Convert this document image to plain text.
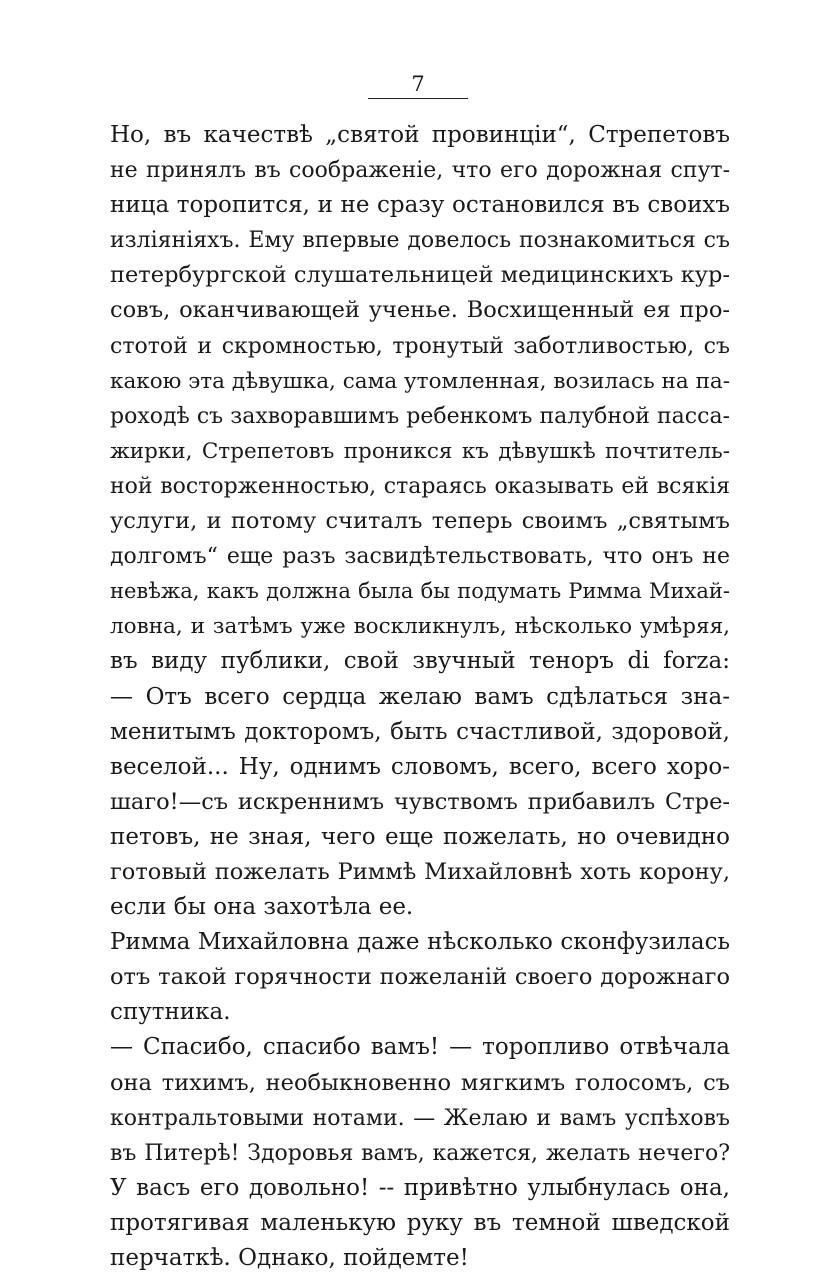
7
Но, въ качествѣ „святой провинціи“, Стрепетовъ
не принялъ въ соображеніе, что его дорожная спут-
ница торопится, и не сразу остановился въ своихъ
изліяніяхъ. Ему впервые довелось познакомиться съ
петербургской слушательницей медицинскихъ кур-
совъ, оканчивающей ученье. Восхищенный ея про-
стотой и скромностью, тронутый заботливостью, съ
какою эта дѣвушка, сама утомленная, возилась на па-
роходѣ съ захворавшимъ ребенкомъ палубной пасса-
жирки, Стрепетовъ проникся къ дѣвушкѣ почтитель-
ной восторженностью, стараясь оказывать ей всякія
услуги, и потому считалъ теперь своимъ „святымъ
долгомъ“ еще разъ засвидѣтельствовать, что онъ не
невѣжа, какъ должна была бы подумать Римма Михай-
ловна, и затѣмъ уже воскликнулъ, нѣсколько умѣряя,
въ виду публики, свой звучный теноръ di forza:
— Отъ всего сердца желаю вамъ сдѣлаться зна-
менитымъ докторомъ, быть счастливой, здоровой,
веселой... Ну, однимъ словомъ, всего, всего хоро-
шаго!—съ искреннимъ чувствомъ прибавилъ Стре-
петовъ, не зная, чего еще пожелать, но очевидно
готовый пожелать Риммѣ Михайловнѣ хоть корону,
если бы она захотѣла ее.
Римма Михайловна даже нѣсколько сконфузилась
отъ такой горячности пожеланій своего дорожнаго
спутника.
— Спасибо, спасибо вамъ! — торопливо отвѣчала
она тихимъ, необыкновенно мягкимъ голосомъ, съ
контральтовыми нотами. — Желаю и вамъ успѣховъ
въ Питерѣ! Здоровья вамъ, кажется, желать нечего?
У васъ его довольно! -- привѣтно улыбнулась она,
протягивая маленькую руку въ темной шведской
перчаткѣ. Однако, пойдемте!
